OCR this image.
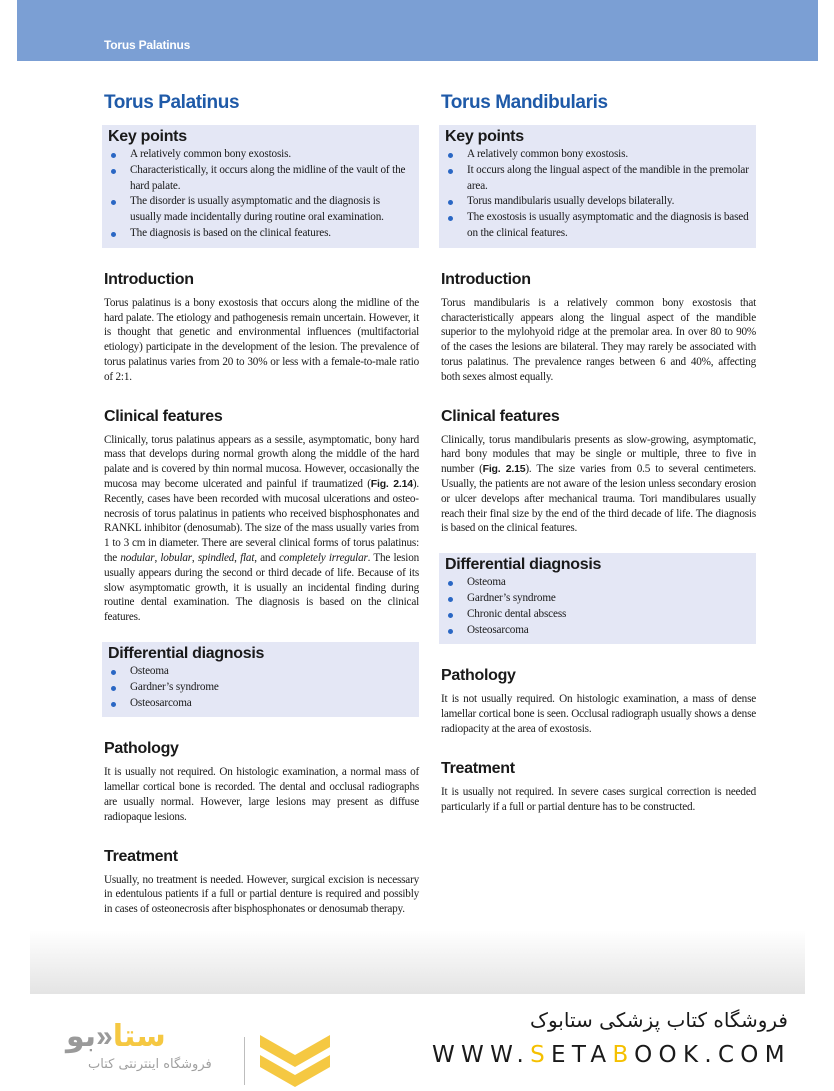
Torus Palatinus
Torus Palatinus
Key points
A relatively common bony exostosis.
Characteristically, it occurs along the midline of the vault of the hard palate.
The disorder is usually asymptomatic and the diagnosis is usually made incidentally during routine oral examination.
The diagnosis is based on the clinical features.
Introduction

Torus palatinus is a bony exostosis that occurs along the midline of the hard palate. The etiology and pathogenesis remain uncertain. However, it is thought that genetic and environmental influences (multifactorial etiology) participate in the development of the lesion. The prevalence of torus palatinus varies from 20 to 30% or less with a female-to-male ratio of 2:1.

Clinical features

Clinically, torus palatinus appears as a sessile, asymptomatic, bony hard mass that develops during normal growth along the middle of the hard palate and is covered by thin normal mucosa. However, occasionally the mucosa may become ulcerated and painful if traumatized (Fig. 2.14). Recently, cases have been recorded with mucosal ulcerations and osteonecrosis of torus palatinus in patients who received bisphosphonates and RANKL inhibitor (denosumab). The size of the mass usually varies from 1 to 3 cm in diameter. There are several clinical forms of torus palatinus: the nodular, lobular, spindled, flat, and completely irregular. The lesion usually appears during the second or third decade of life. Because of its slow asymptomatic growth, it is usually an incidental finding during routine dental examination. The diagnosis is based on the clinical features.

Differential diagnosis
Osteoma
Gardner’s syndrome
Osteosarcoma
Pathology

It is usually not required. On histologic examination, a normal mass of lamellar cortical bone is recorded. The dental and occlusal radiographs are usually normal. However, large lesions may present as diffuse radiopaque lesions.

Treatment

Usually, no treatment is needed. However, surgical excision is necessary in edentulous patients if a full or partial denture is required and possibly in cases of osteonecrosis after bisphosphonates or denosumab therapy.

Torus Mandibularis
Key points
A relatively common bony exostosis.
It occurs along the lingual aspect of the mandible in the premolar area.
Torus mandibularis usually develops bilaterally.
The exostosis is usually asymptomatic and the diagnosis is based on the clinical features.
Introduction

Torus mandibularis is a relatively common bony exostosis that characteristically appears along the lingual aspect of the mandible superior to the mylohyoid ridge at the premolar area. In over 80 to 90% of the cases the lesions are bilateral. They may rarely be associated with torus palatinus. The prevalence ranges between 6 and 40%, affecting both sexes almost equally.

Clinical features

Clinically, torus mandibularis presents as slow-growing, asymptomatic, hard bony modules that may be single or multiple, three to five in number (Fig. 2.15). The size varies from 0.5 to several centimeters. Usually, the patients are not aware of the lesion unless secondary erosion or ulcer develops after mechanical trauma. Tori mandibulares usually reach their final size by the end of the third decade of life. The diagnosis is based on the clinical features.

Differential diagnosis
Osteoma
Gardner’s syndrome
Chronic dental abscess
Osteosarcoma
Pathology

It is not usually required. On histologic examination, a mass of dense lamellar cortical bone is seen. Occlusal radiograph usually shows a dense radiopacity at the area of exostosis.

Treatment

It is usually not required. In severe cases surgical correction is needed particularly if a full or partial denture has to be constructed.

ستا«بو
فروشگاه اینترنتی کتاب
فروشگاه کتاب پزشکی ستابوک
WWW.SETABOOK.COM
